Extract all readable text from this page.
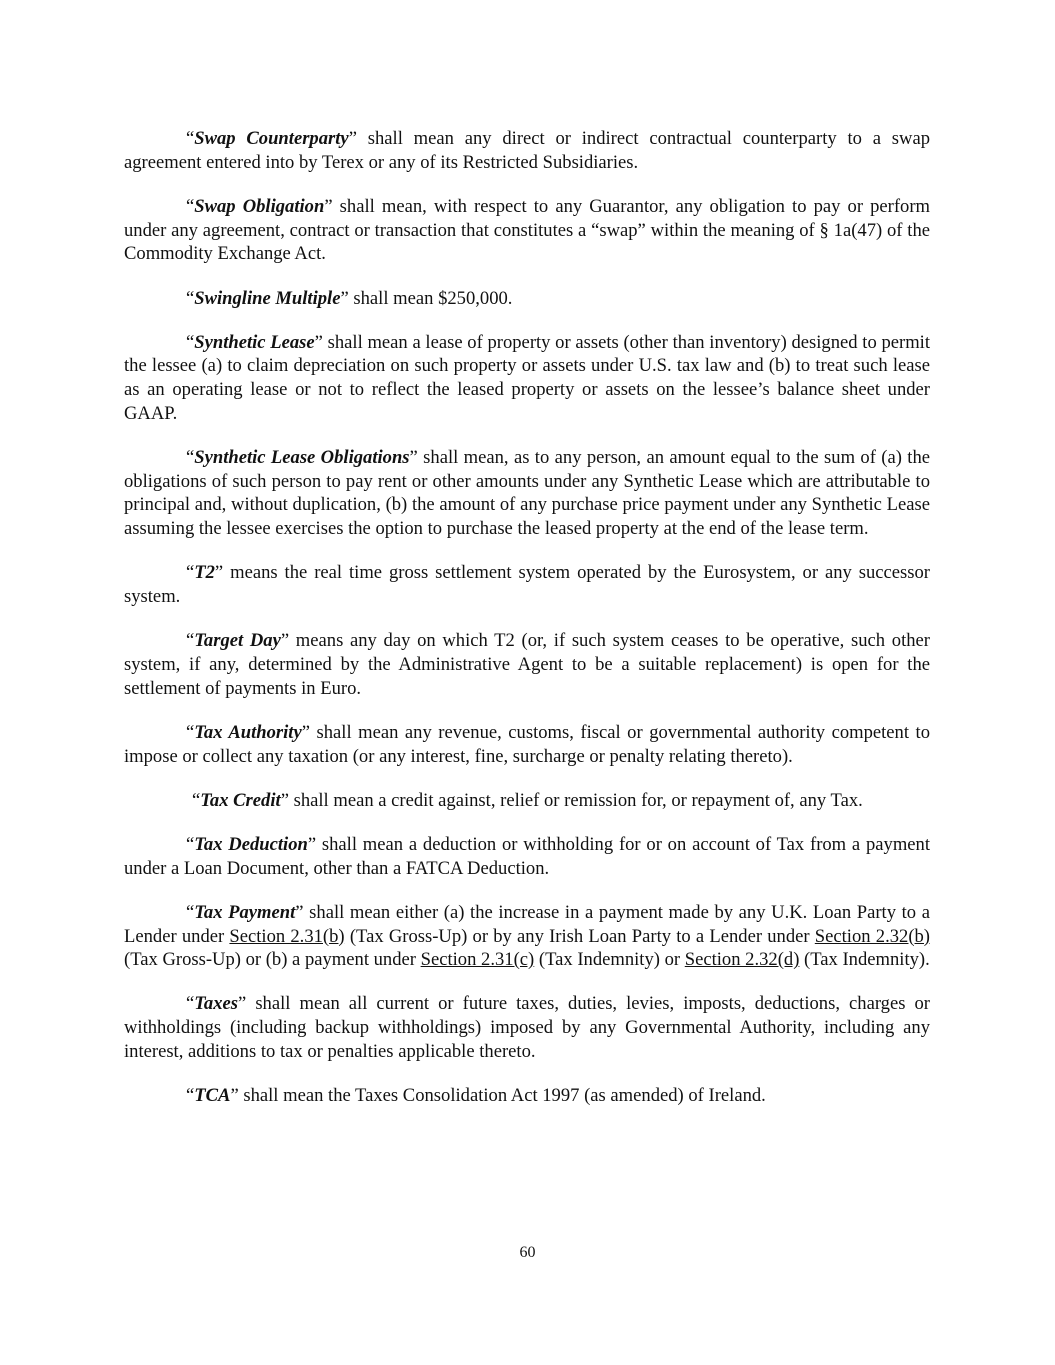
“Swap Counterparty” shall mean any direct or indirect contractual counterparty to a swap agreement entered into by Terex or any of its Restricted Subsidiaries.

“Swap Obligation” shall mean, with respect to any Guarantor, any obligation to pay or perform under any agreement, contract or transaction that constitutes a “swap” within the meaning of § 1a(47) of the Commodity Exchange Act.

“Swingline Multiple” shall mean $250,000.

“Synthetic Lease” shall mean a lease of property or assets (other than inventory) designed to permit the lessee (a) to claim depreciation on such property or assets under U.S. tax law and (b) to treat such lease as an operating lease or not to reflect the leased property or assets on the lessee’s balance sheet under GAAP.

“Synthetic Lease Obligations” shall mean, as to any person, an amount equal to the sum of (a) the obligations of such person to pay rent or other amounts under any Synthetic Lease which are attributable to principal and, without duplication, (b) the amount of any purchase price payment under any Synthetic Lease assuming the lessee exercises the option to purchase the leased property at the end of the lease term.

“T2” means the real time gross settlement system operated by the Eurosystem, or any successor system.

“Target Day” means any day on which T2 (or, if such system ceases to be operative, such other system, if any, determined by the Administrative Agent to be a suitable replacement) is open for the settlement of payments in Euro.

“Tax Authority” shall mean any revenue, customs, fiscal or governmental authority competent to impose or collect any taxation (or any interest, fine, surcharge or penalty relating thereto).

“Tax Credit” shall mean a credit against, relief or remission for, or repayment of, any Tax.

“Tax Deduction” shall mean a deduction or withholding for or on account of Tax from a payment under a Loan Document, other than a FATCA Deduction.

“Tax Payment” shall mean either (a) the increase in a payment made by any U.K. Loan Party to a Lender under Section 2.31(b) (Tax Gross-Up) or by any Irish Loan Party to a Lender under Section 2.32(b) (Tax Gross-Up) or (b) a payment under Section 2.31(c) (Tax Indemnity) or Section 2.32(d) (Tax Indemnity).

“Taxes” shall mean all current or future taxes, duties, levies, imposts, deductions, charges or withholdings (including backup withholdings) imposed by any Governmental Authority, including any interest, additions to tax or penalties applicable thereto.

“TCA” shall mean the Taxes Consolidation Act 1997 (as amended) of Ireland.

60
